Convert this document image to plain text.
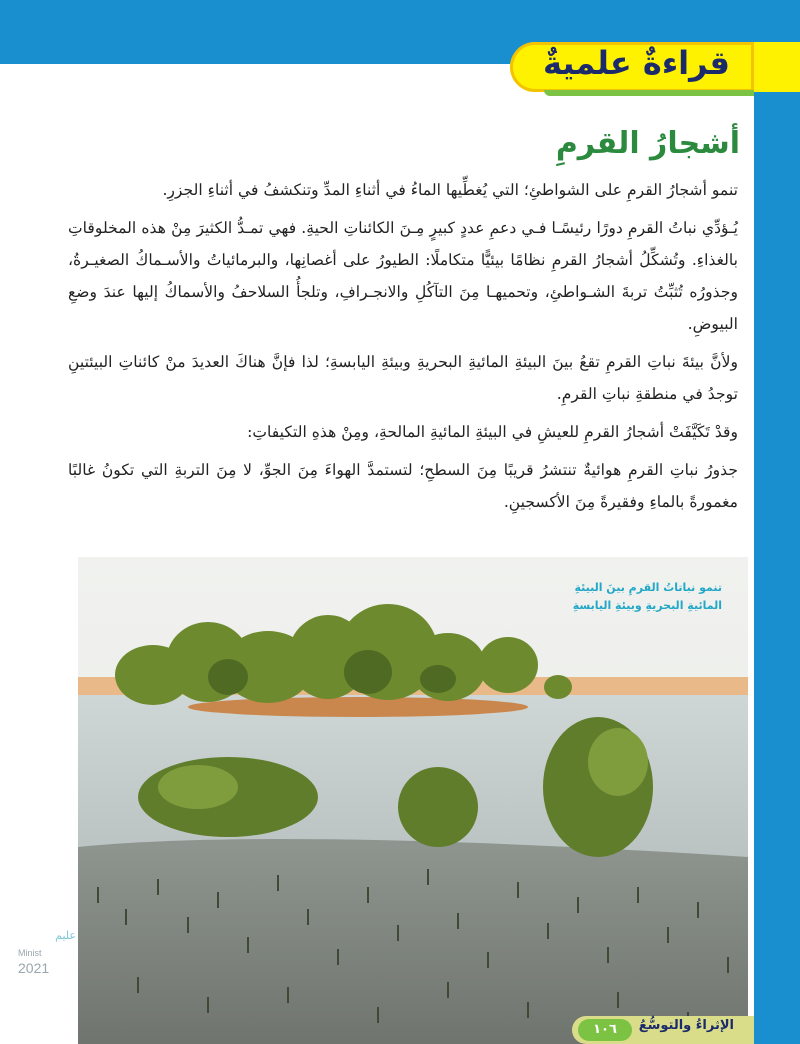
قراءةٌ علميةٌ
أشجارُ القرمِ

تنمو أشجارُ القرمِ على الشواطئِ؛ التي يُغطِّيها الماءُ في أثناءِ المدِّ وتنكشفُ في أثناءِ الجزرِ.

يُـؤدِّي نباتُ القرمِ دورًا رئيسًـا فـي دعمِ عددٍ كبيرٍ مِـنَ الكائناتِ الحيةِ. فهي تمـدُّ الكثيرَ مِنْ هذه المخلوقاتِ بالغذاءِ. وتُشكِّلُ أشجارُ القرمِ نظامًا بيئيًّا متكاملًا: الطيورُ على أغصانِها، والبرمائياتُ والأسـماكُ الصغيـرةُ، وجذورُه تُثبِّتُ تربةَ الشـواطئِ، وتحميهـا مِنَ التآكُلِ والانجـرافِ، وتلجأُ السلاحفُ والأسماكُ إليها عندَ وضعِ البيوضِ.

ولأنَّ بيئةَ نباتِ القرمِ تقعُ بينَ البيئةِ المائيةِ البحريةِ وبيئةِ اليابسةِ؛ لذا فإنَّ هناكَ العديدَ منْ كائناتِ البيئتينِ توجدُ في منطقةِ نباتِ القرمِ.

وقدْ تَكَيَّفَتْ أشجارُ القرمِ للعيشِ في البيئةِ المائيةِ المالحةِ، ومِنْ هذهِ التكيفاتِ:

جذورُ نباتِ القرمِ هوائيةٌ تنتشرُ قريبًا مِنَ السطحِ؛ لتستمدَّ الهواءَ مِنَ الجوِّ، لا مِنَ التربةِ التي تكونُ غالبًا مغمورةً بالماءِ وفقيرةً مِنَ الأكسجينِ.

تنمو نباتاتُ القرمِ بينَ البيئةِ
المائيةِ البحريةِ وبيئةِ اليابسةِ
عليم
Minist
2021
الإثراءُ والتوسُّعُ
١٠٦
